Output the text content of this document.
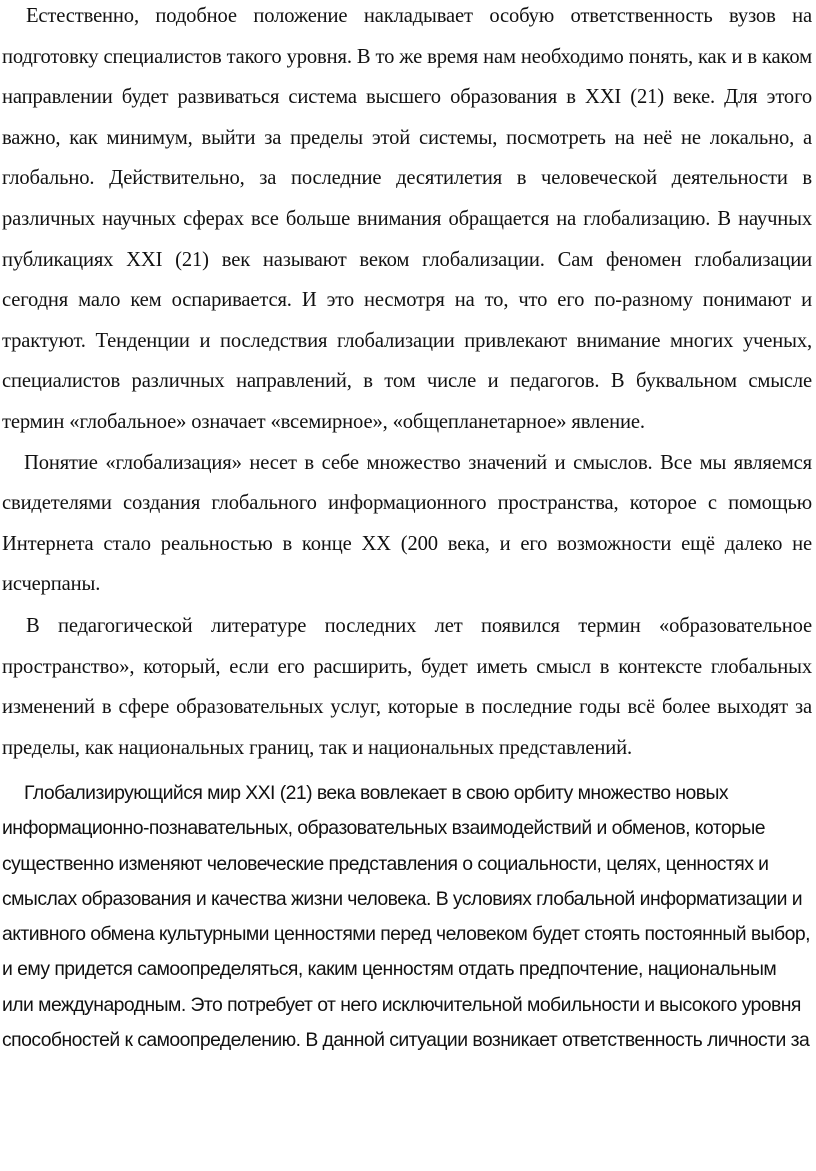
Естественно, подобное положение накладывает особую ответственность вузов на подготовку специалистов такого уровня. В то же время нам необходимо понять, как и в каком направлении будет развиваться система высшего образования в XXI (21) веке. Для этого важно, как минимум, выйти за пределы этой системы, посмотреть на неё не локально, а глобально. Действительно, за последние десятилетия в человеческой деятельности в различных научных сферах все больше внимания обращается на глобализацию. В научных публикациях XXI (21) век называют веком глобализации. Сам феномен глобализации сегодня мало кем оспаривается. И это несмотря на то, что его по-разному понимают и трактуют. Тенденции и последствия глобализации привлекают внимание многих ученых, специалистов различных направлений, в том числе и педагогов. В буквальном смысле термин «глобальное» означает «всемирное», «общепланетарное» явление.

Понятие «глобализация» несет в себе множество значений и смыслов. Все мы являемся свидетелями создания глобального информационного пространства, которое с помощью Интернета стало реальностью в конце XX (200 века, и его возможности ещё далеко не исчерпаны.

В педагогической литературе последних лет появился термин «образовательное пространство», который, если его расширить, будет иметь смысл в контексте глобальных изменений в сфере образовательных услуг, которые в последние годы всё более выходят за пределы, как национальных границ, так и национальных представлений.

Глобализирующийся мир XXI (21) века вовлекает в свою орбиту множество новых информационно-познавательных, образовательных взаимодействий и обменов, которые существенно изменяют человеческие представления о социальности, целях, ценностях и смыслах образования и качества жизни человека. В условиях глобальной информатизации и активного обмена культурными ценностями перед человеком будет стоять постоянный выбор, и ему придется самоопределяться, каким ценностям отдать предпочтение, национальным или международным. Это потребует от него исключительной мобильности и высокого уровня способностей к самоопределению. В данной ситуации возникает ответственность личности за
